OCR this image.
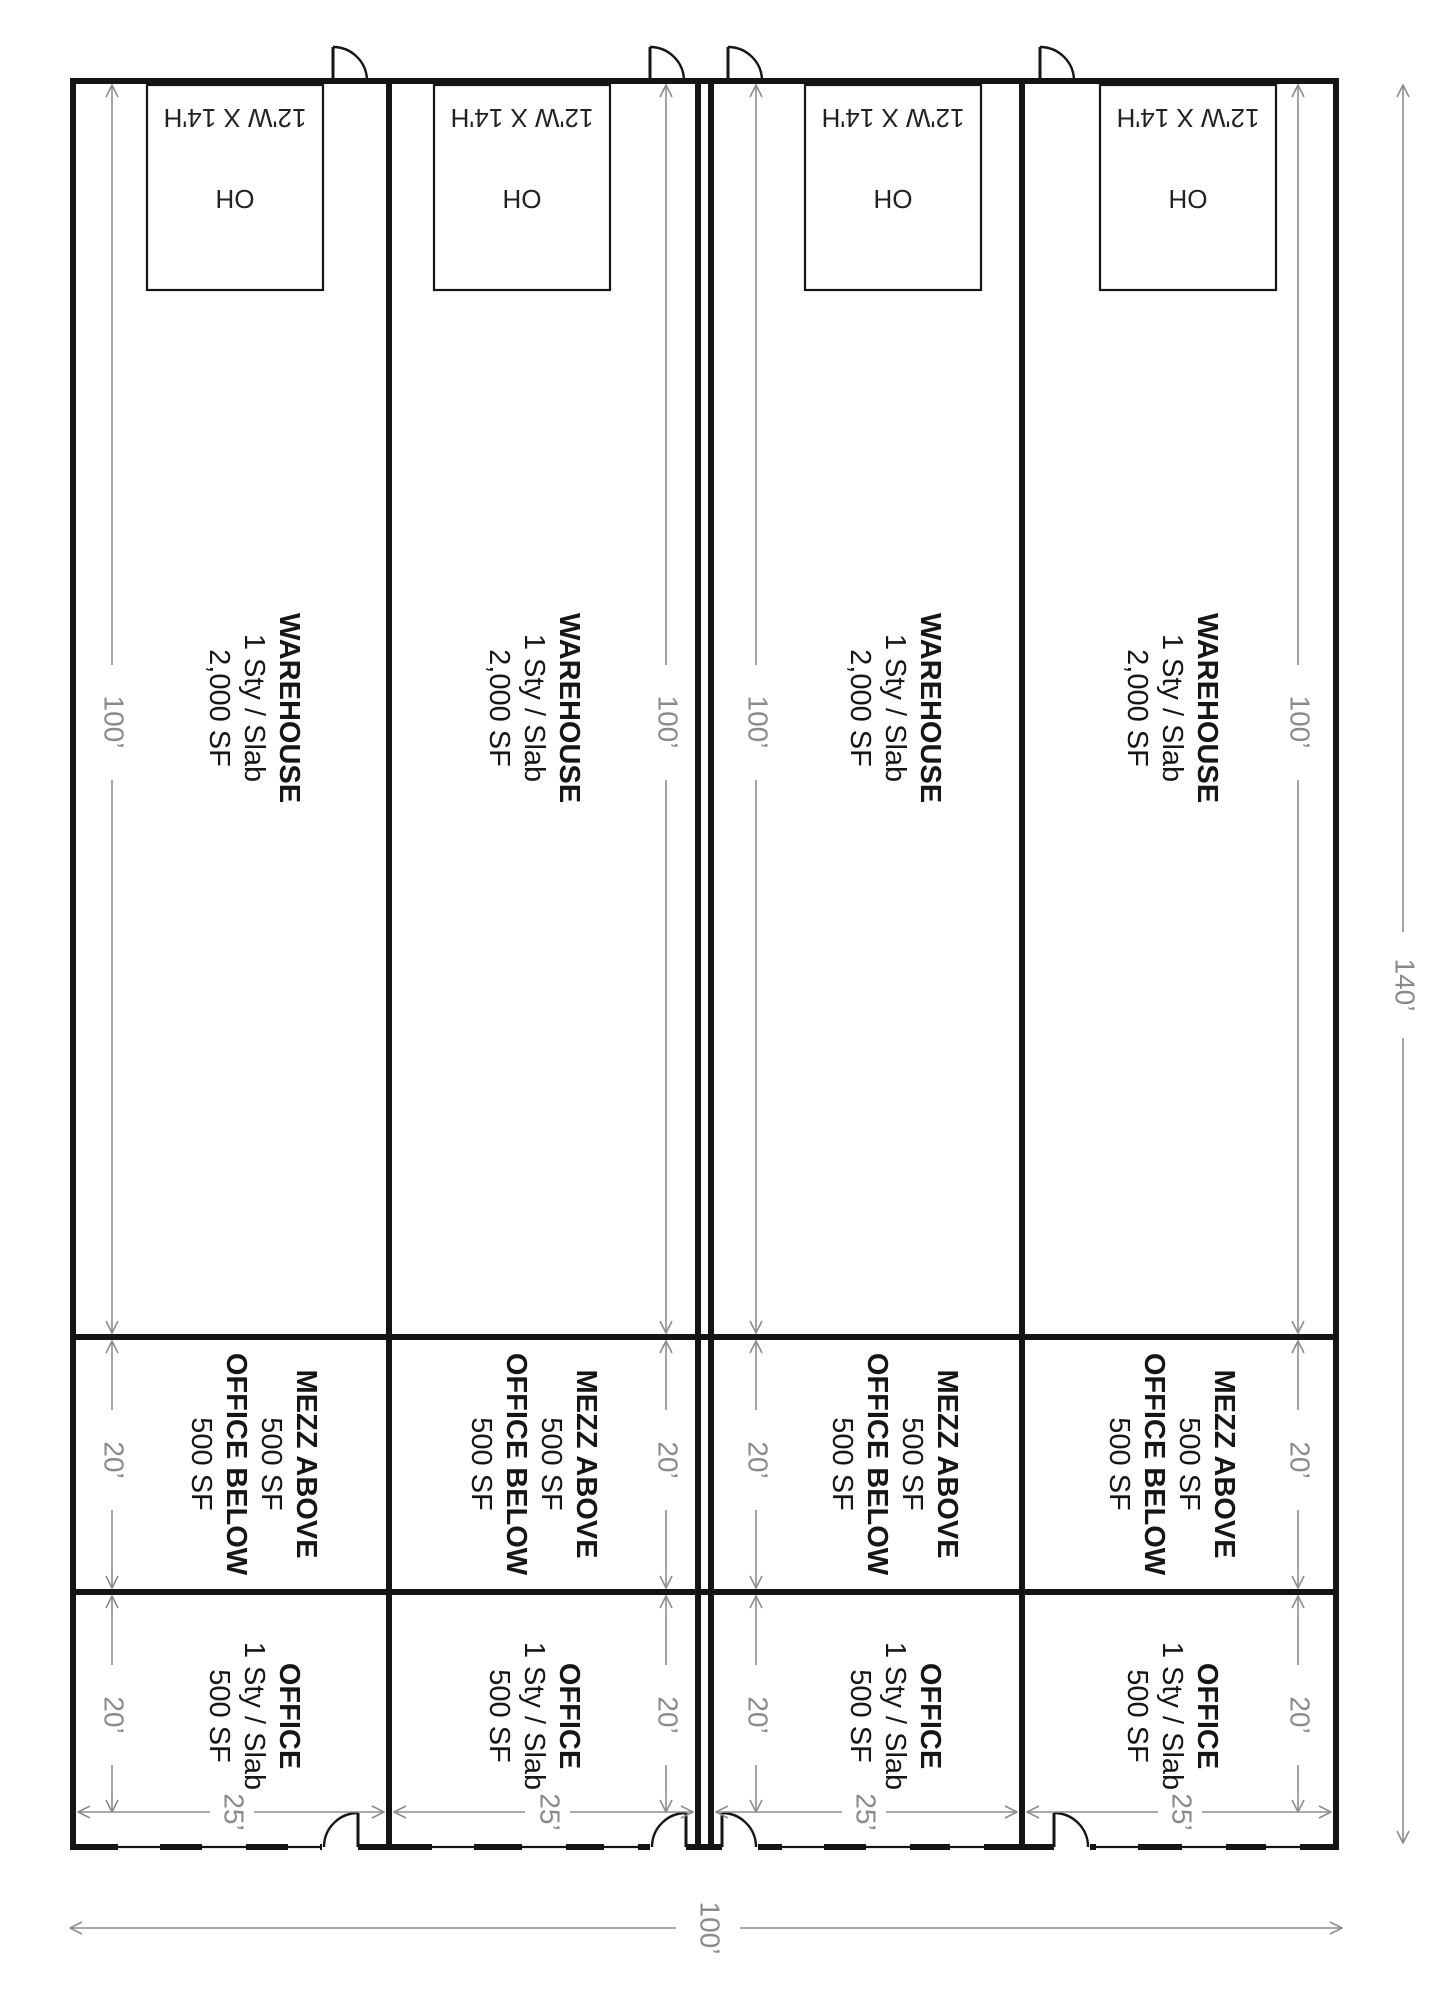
OH
12'W X 14'H
OH
12'W X 14'H
OH
12'W X 14'H
OH
12'W X 14'H
100’
20’
20’
25’
100’
20’
20’
25’
100’
20’
20’
25’
100’
20’
20’
25’
WAREHOUSE
1 Sty / Slab
2,000 SF
MEZZ ABOVE
500 SF
OFFICE BELOW
500 SF
OFFICE
1 Sty / Slab
500 SF
WAREHOUSE
1 Sty / Slab
2,000 SF
MEZZ ABOVE
500 SF
OFFICE BELOW
500 SF
OFFICE
1 Sty / Slab
500 SF
WAREHOUSE
1 Sty / Slab
2,000 SF
MEZZ ABOVE
500 SF
OFFICE BELOW
500 SF
OFFICE
1 Sty / Slab
500 SF
WAREHOUSE
1 Sty / Slab
2,000 SF
MEZZ ABOVE
500 SF
OFFICE BELOW
500 SF
OFFICE
1 Sty / Slab
500 SF
140’
100’
